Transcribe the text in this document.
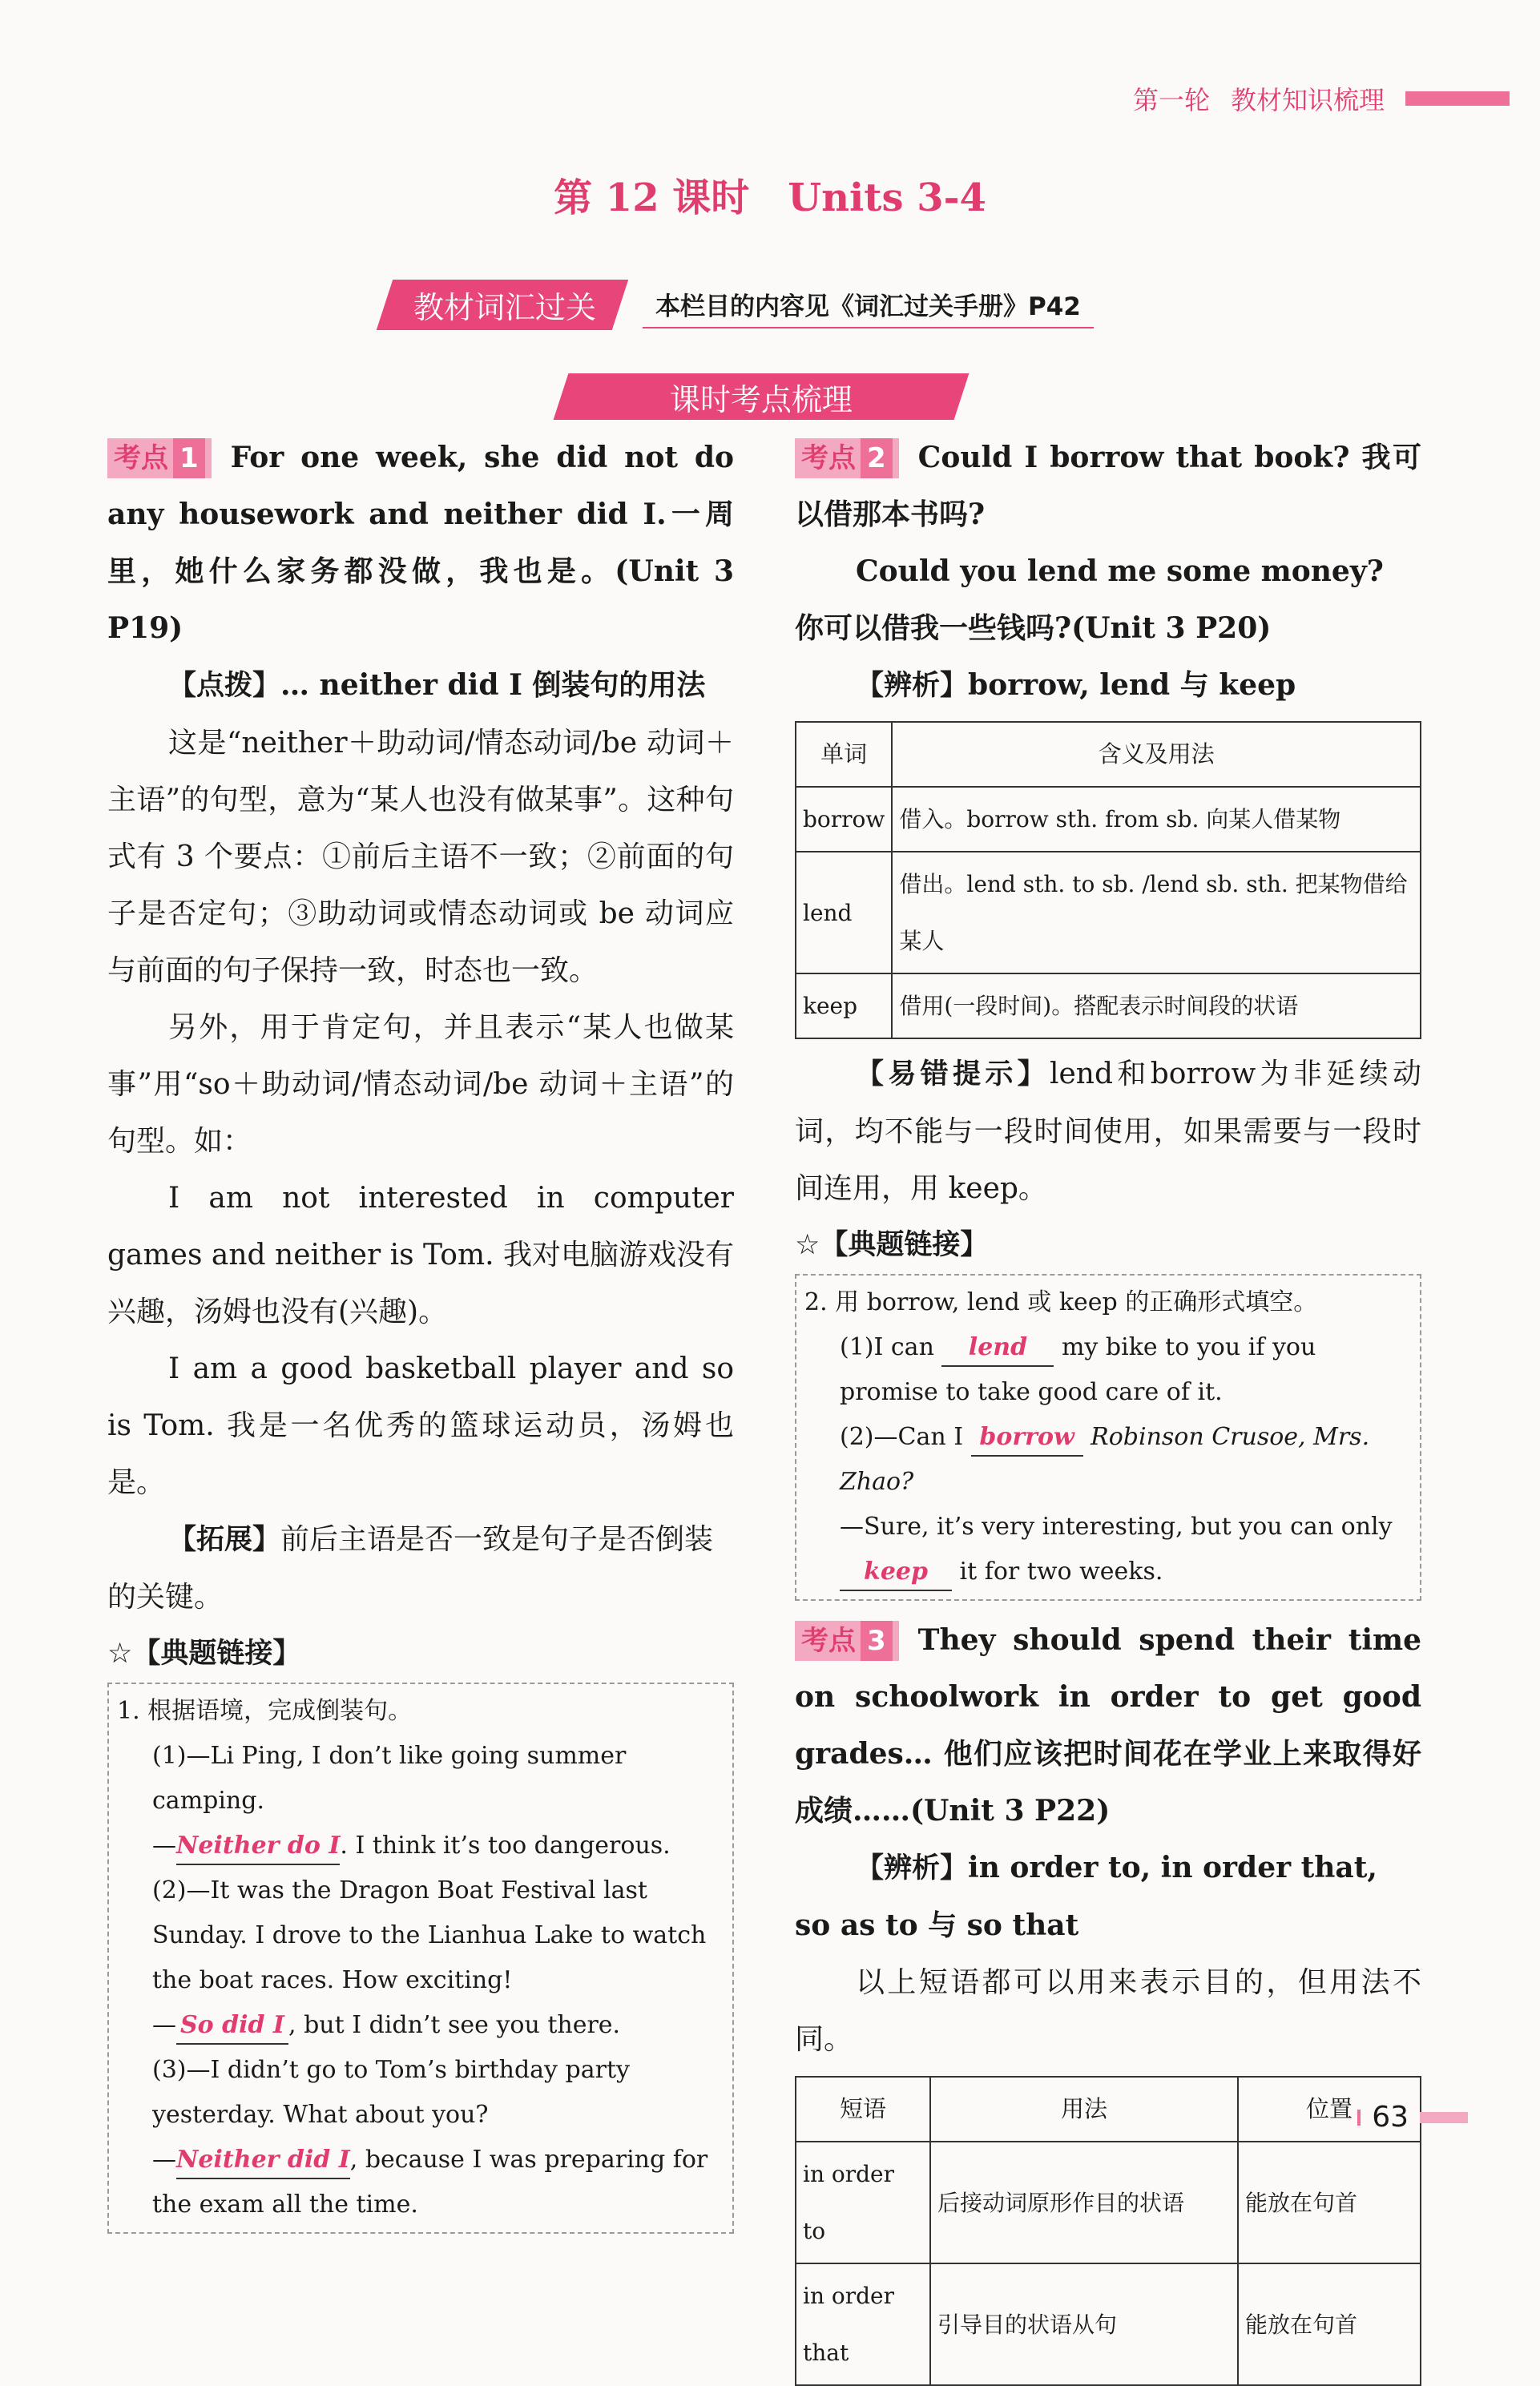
第一轮 教材知识梳理
第 12 课时　Units 3-4
教材词汇过关	本栏目的内容见《词汇过关手册》P42
课时考点梳理

考点 1 For one week, she did not do any housework and neither did I.一周里，她什么家务都没做，我也是。(Unit 3 P19)

【点拨】… neither did I 倒装句的用法

这是“neither＋助动词/情态动词/be 动词＋主语”的句型，意为“某人也没有做某事”。这种句式有 3 个要点：①前后主语不一致；②前面的句子是否定句；③助动词或情态动词或 be 动词应与前面的句子保持一致，时态也一致。

另外，用于肯定句，并且表示“某人也做某事”用“so＋助动词/情态动词/be 动词＋主语”的句型。如：

I am not interested in computer games and neither is Tom. 我对电脑游戏没有兴趣，汤姆也没有(兴趣)。

I am a good basketball player and so is Tom. 我是一名优秀的篮球运动员，汤姆也是。

【拓展】前后主语是否一致是句子是否倒装的关键。

☆【典题链接】

1. 根据语境，完成倒装句。
(1)—Li Ping, I don’t like going summer camping.
—Neither do I. I think it’s too dangerous.
(2)—It was the Dragon Boat Festival last Sunday. I drove to the Lianhua Lake to watch the boat races. How exciting!
— So did I , but I didn’t see you there.
(3)—I didn’t go to Tom’s birthday party yesterday. What about you?
—Neither did I, because I was preparing for the exam all the time.

考点 2 Could I borrow that book? 我可以借那本书吗?

Could you lend me some money? 你可以借我一些钱吗?(Unit 3 P20)

【辨析】borrow, lend 与 keep

单词	含义及用法
borrow	借入。borrow sth. from sb. 向某人借某物
lend	借出。lend sth. to sb. /lend sb. sth. 把某物借给某人
keep	借用(一段时间)。搭配表示时间段的状语

【易错提示】lend和borrow为非延续动词，均不能与一段时间使用，如果需要与一段时间连用，用 keep。

☆【典题链接】

2. 用 borrow, lend 或 keep 的正确形式填空。
(1)I can lend my bike to you if you promise to take good care of it.
(2)—Can I borrow Robinson Crusoe, Mrs. Zhao?
—Sure, it’s very interesting, but you can only keep it for two weeks.

考点 3 They should spend their time on schoolwork in order to get good grades… 他们应该把时间花在学业上来取得好成绩……(Unit 3 P22)

【辨析】in order to, in order that, so as to 与 so that

以上短语都可以用来表示目的，但用法不同。

短语	用法	位置
in order to	后接动词原形作目的状语	能放在句首
in order that	引导目的状语从句	能放在句首
63
